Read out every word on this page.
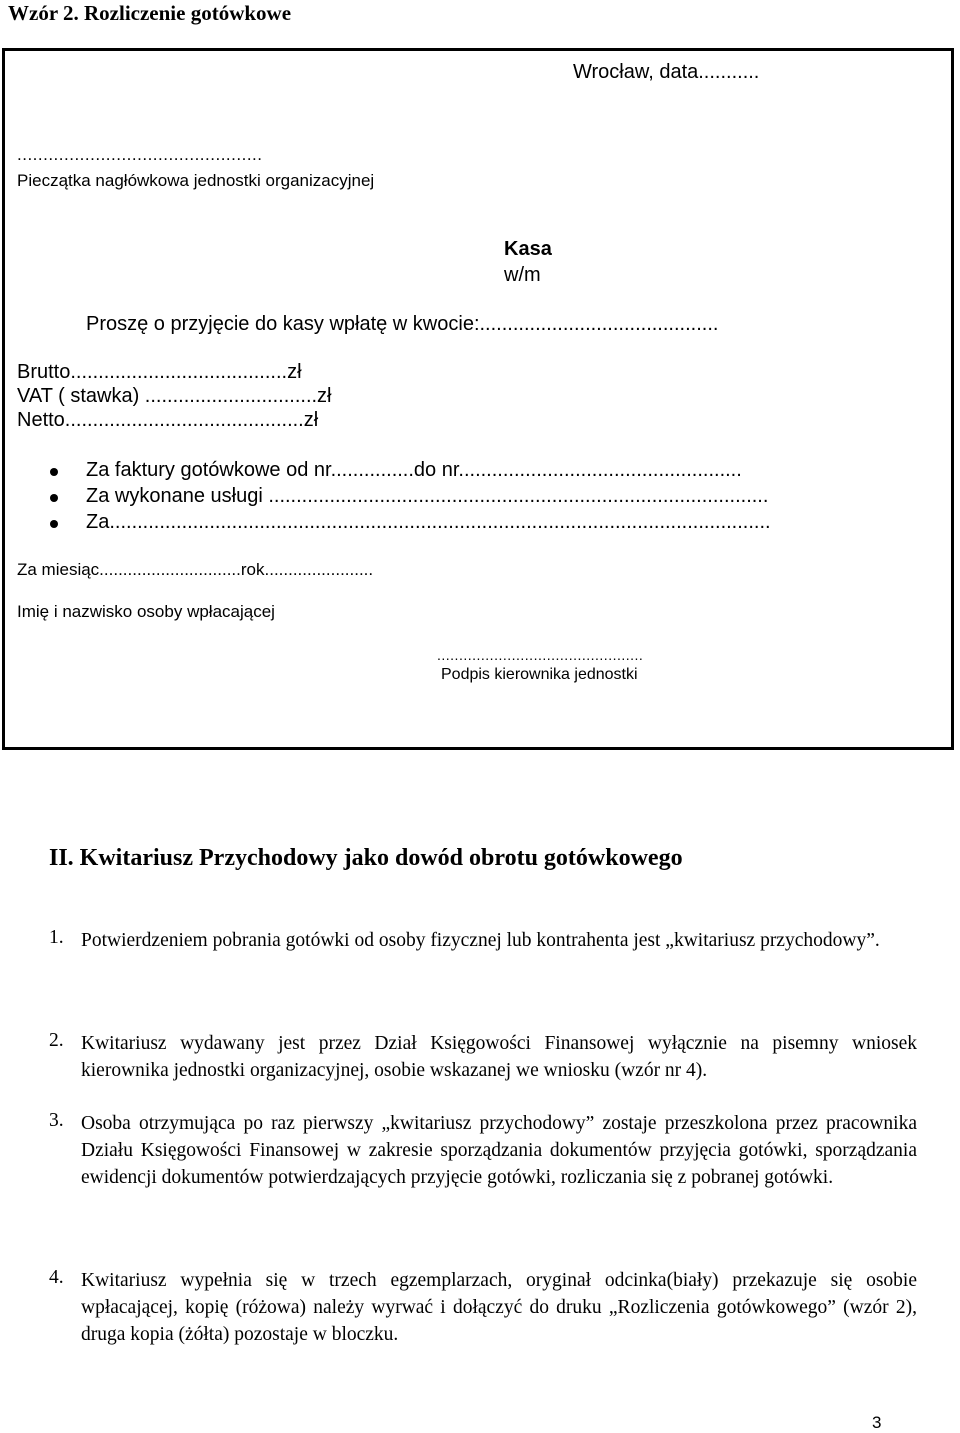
Wzór 2. Rozliczenie gotówkowe
Wrocław, data...........
...............................................
Pieczątka nagłówkowa jednostki organizacyjnej
Kasa
w/m
Proszę o przyjęcie do kasy wpłatę w kwocie:...........................................
Brutto.......................................zł
VAT ( stawka) ...............................zł
Netto...........................................zł
Za faktury gotówkowe od nr...............do nr...................................................
Za wykonane usługi ..........................................................................................
Za.......................................................................................................................
Za miesiąc..............................rok.......................
Imię i nazwisko osoby wpłacającej
...............................................
Podpis kierownika jednostki
II. Kwitariusz Przychodowy jako dowód obrotu gotówkowego
1. Potwierdzeniem pobrania gotówki od osoby fizycznej lub kontrahenta jest „kwitariusz przychodowy”.
2. Kwitariusz wydawany jest przez Dział Księgowości Finansowej wyłącznie na pisemny wniosek kierownika jednostki organizacyjnej, osobie wskazanej we wniosku (wzór nr 4).
3. Osoba otrzymująca po raz pierwszy „kwitariusz przychodowy” zostaje przeszkolona przez pracownika Działu Księgowości Finansowej w zakresie sporządzania dokumentów przyjęcia gotówki, sporządzania ewidencji dokumentów potwierdzających przyjęcie gotówki, rozliczania się z pobranej gotówki.
4. Kwitariusz wypełnia się w trzech egzemplarzach, oryginał odcinka(biały) przekazuje się osobie wpłacającej, kopię (różowa) należy wyrwać i dołączyć do druku „Rozliczenia gotówkowego” (wzór 2), druga kopia (żółta) pozostaje w bloczku.
3
